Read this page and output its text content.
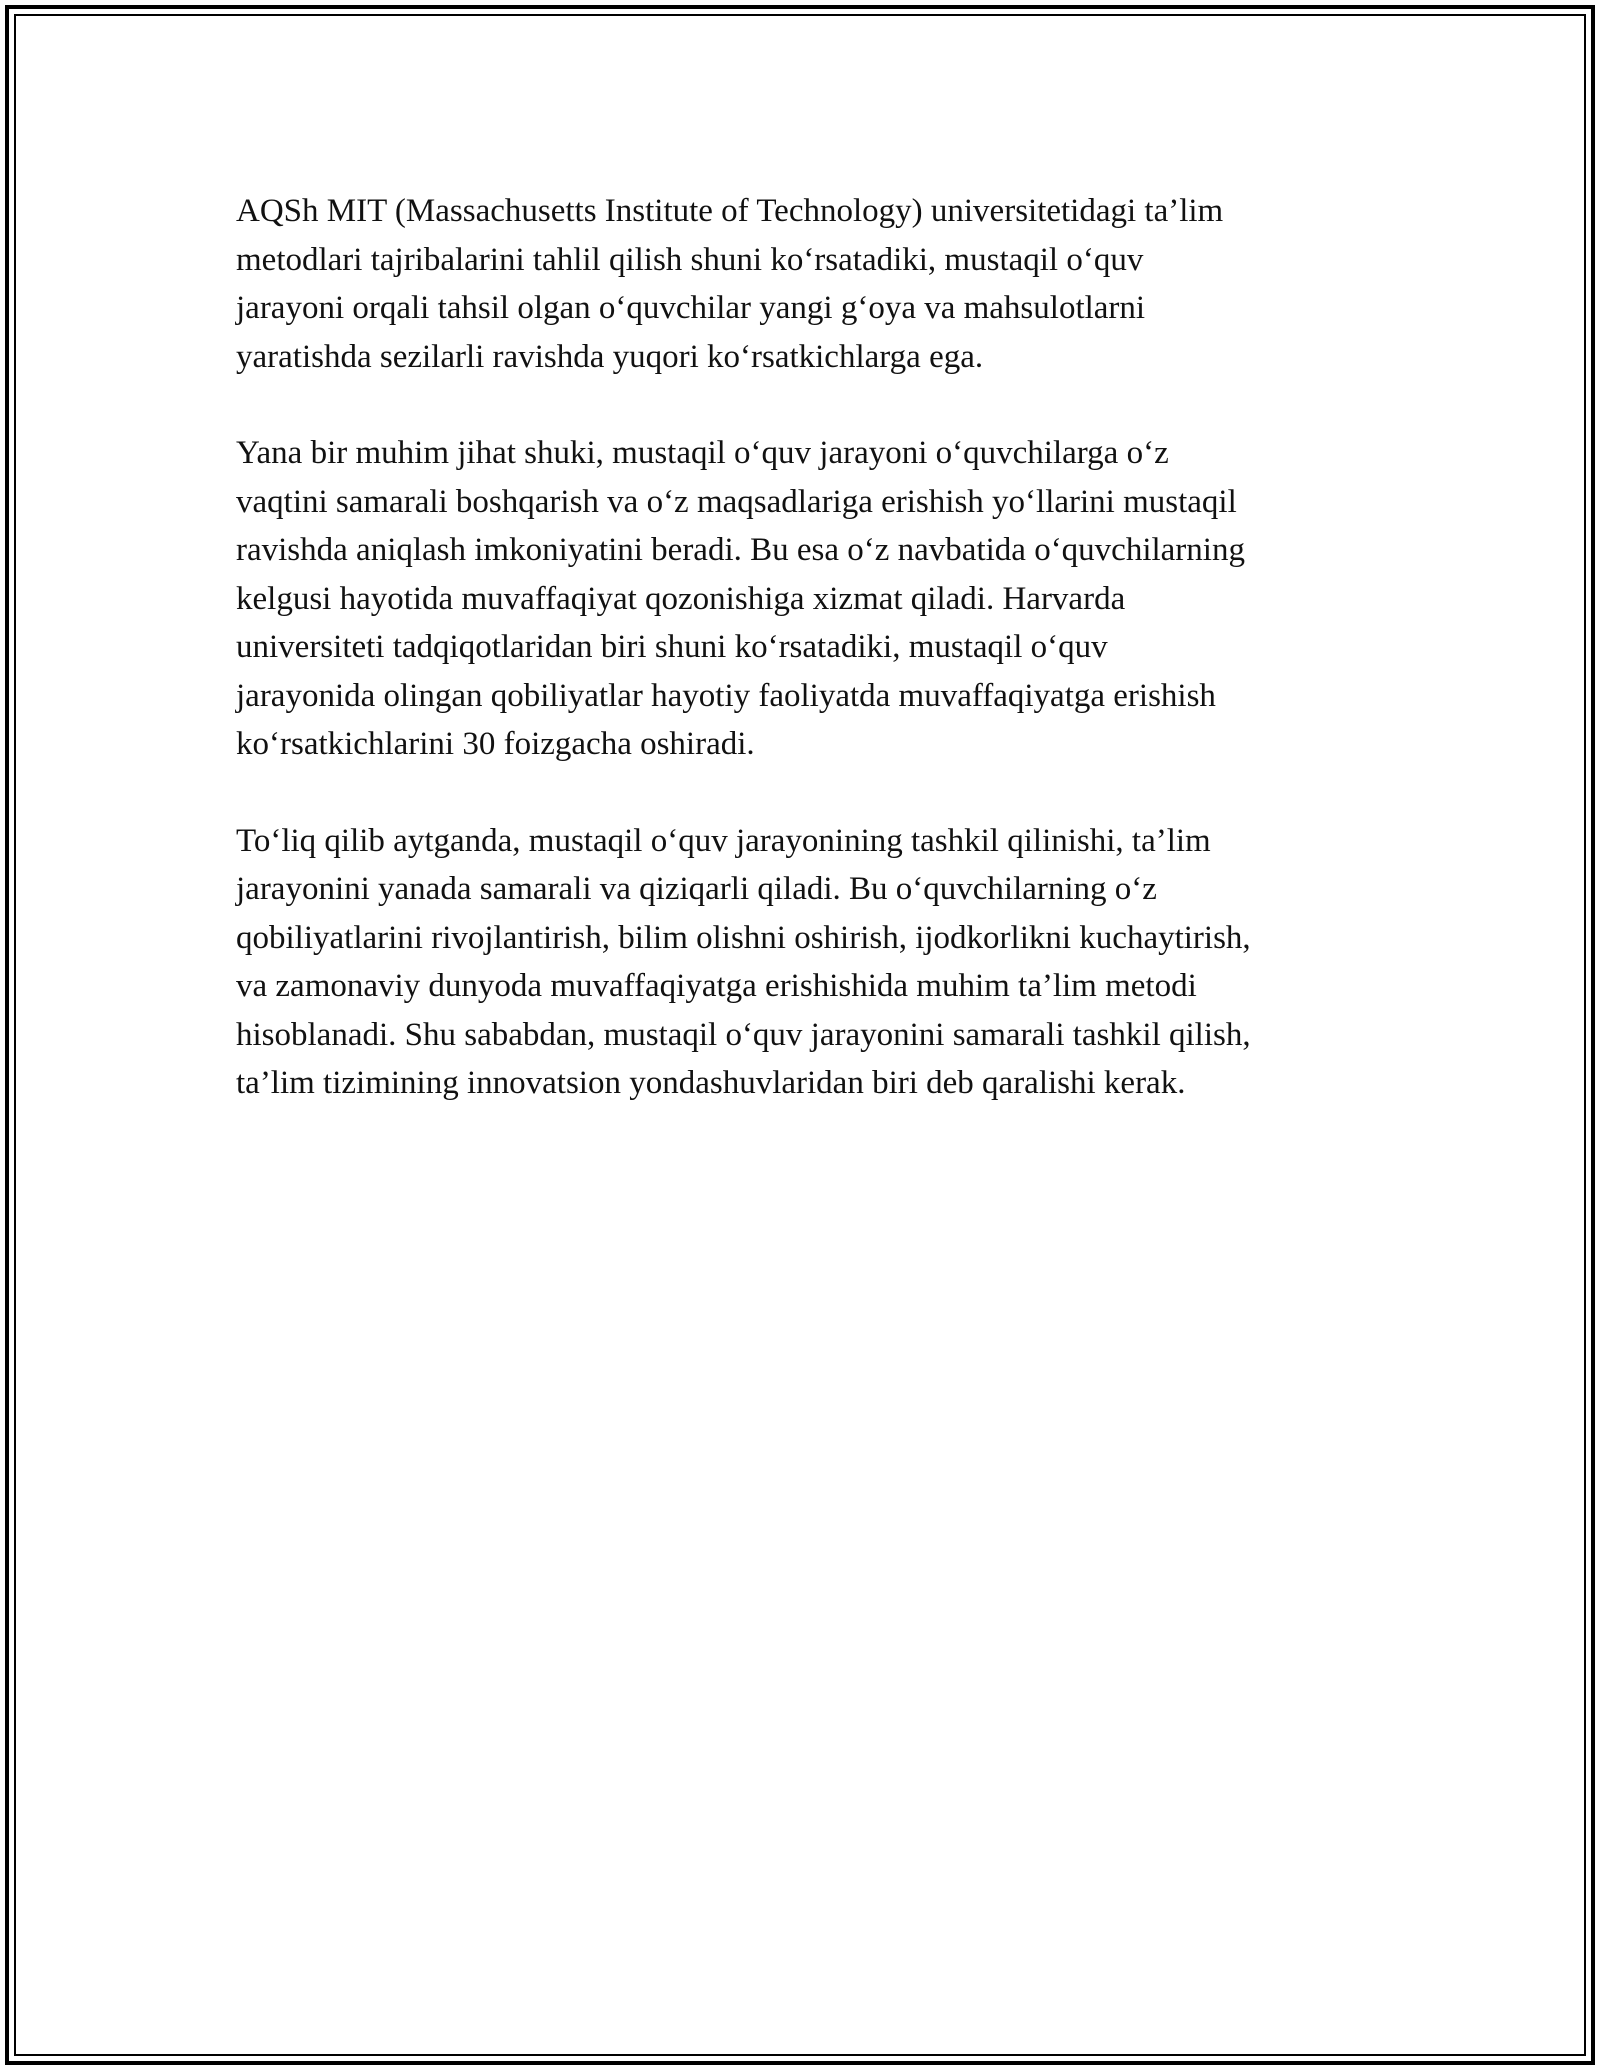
AQSh MIT (Massachusetts Institute of Technology) universitetidagi ta’lim
metodlari tajribalarini tahlil qilish shuni ko‘rsatadiki, mustaqil o‘quv
jarayoni orqali tahsil olgan o‘quvchilar yangi g‘oya va mahsulotlarni
yaratishda sezilarli ravishda yuqori ko‘rsatkichlarga ega.

Yana bir muhim jihat shuki, mustaqil o‘quv jarayoni o‘quvchilarga o‘z
vaqtini samarali boshqarish va o‘z maqsadlariga erishish yo‘llarini mustaqil
ravishda aniqlash imkoniyatini beradi. Bu esa o‘z navbatida o‘quvchilarning
kelgusi hayotida muvaffaqiyat qozonishiga xizmat qiladi. Harvarda
universiteti tadqiqotlaridan biri shuni ko‘rsatadiki, mustaqil o‘quv
jarayonida olingan qobiliyatlar hayotiy faoliyatda muvaffaqiyatga erishish
ko‘rsatkichlarini 30 foizgacha oshiradi.

To‘liq qilib aytganda, mustaqil o‘quv jarayonining tashkil qilinishi, ta’lim
jarayonini yanada samarali va qiziqarli qiladi. Bu o‘quvchilarning o‘z
qobiliyatlarini rivojlantirish, bilim olishni oshirish, ijodkorlikni kuchaytirish,
va zamonaviy dunyoda muvaffaqiyatga erishishida muhim ta’lim metodi
hisoblanadi. Shu sababdan, mustaqil o‘quv jarayonini samarali tashkil qilish,
ta’lim tizimining innovatsion yondashuvlaridan biri deb qaralishi kerak.
